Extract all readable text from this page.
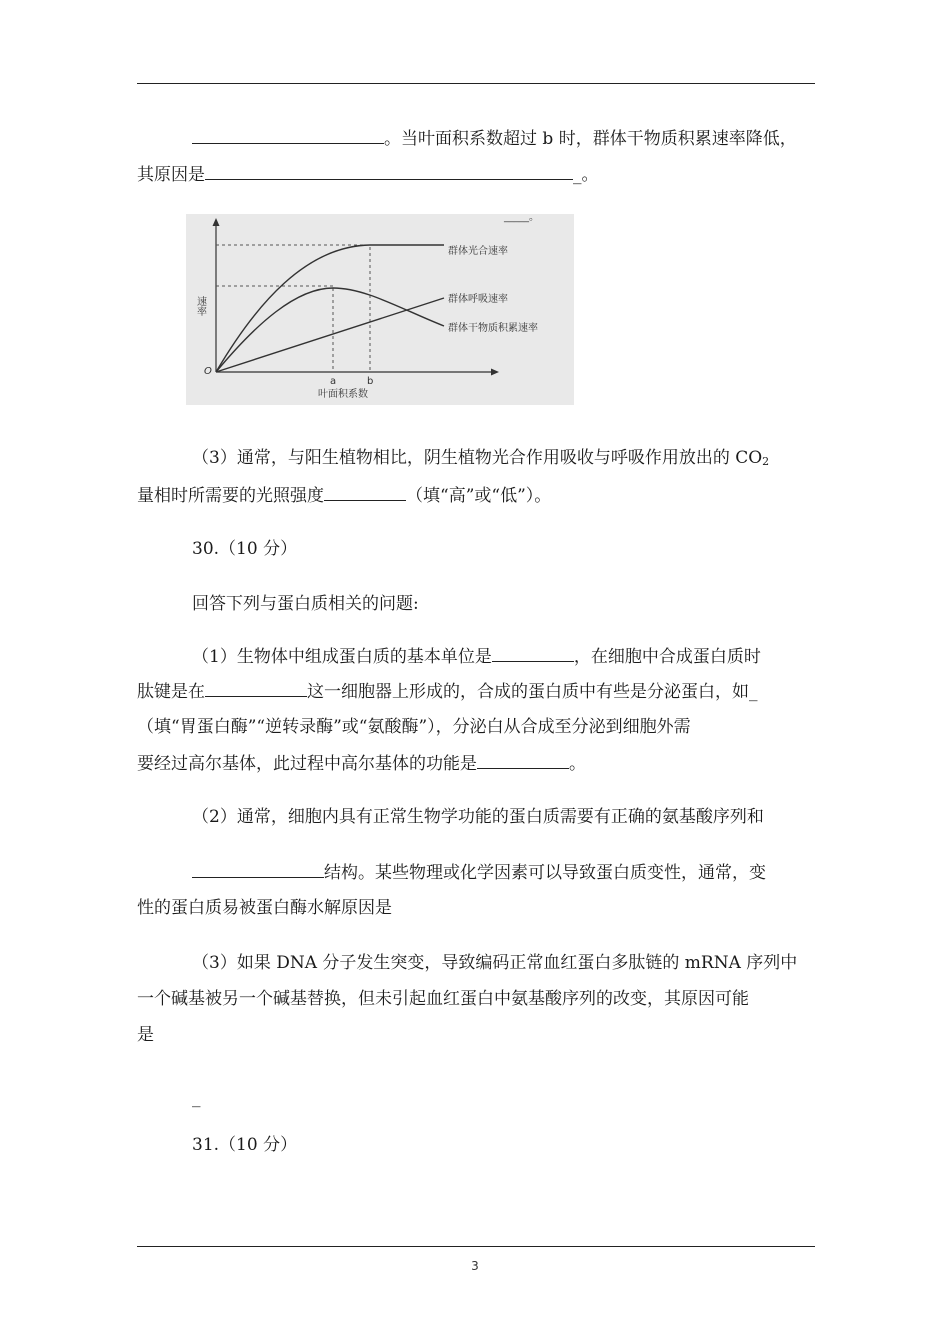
。当叶面积系数超过 b 时，群体干物质积累速率降低，
其原因是	_。
_____。
群体光合速率
群体呼吸速率
群体干物质积累速率
速率
O
a	b
叶面积系数
（3）通常，与阳生植物相比，阴生植物光合作用吸收与呼吸作用放出的 $CO_2$
量相时所需要的光照强度	（填“高”或“低”）。
30.（10 分）
回答下列与蛋白质相关的问题:
（1）生物体中组成蛋白质的基本单位是	，在细胞中合成蛋白质时
肽键是在	这一细胞器上形成的，合成的蛋白质中有些是分泌蛋白，如_
（填“胃蛋白酶”“逆转录酶”或“氨酸酶”），分泌白从合成至分泌到细胞外需
要经过高尔基体，此过程中高尔基体的功能是	。
（2）通常，细胞内具有正常生物学功能的蛋白质需要有正确的氨基酸序列和
结构。某些物理或化学因素可以导致蛋白质变性，通常，变
性的蛋白质易被蛋白酶水解原因是
（3）如果 DNA 分子发生突变，导致编码正常血红蛋白多肽链的 mRNA 序列中
一个碱基被另一个碱基替换，但未引起血红蛋白中氨基酸序列的改变，其原因可能
是
_
31.（10 分）
3
